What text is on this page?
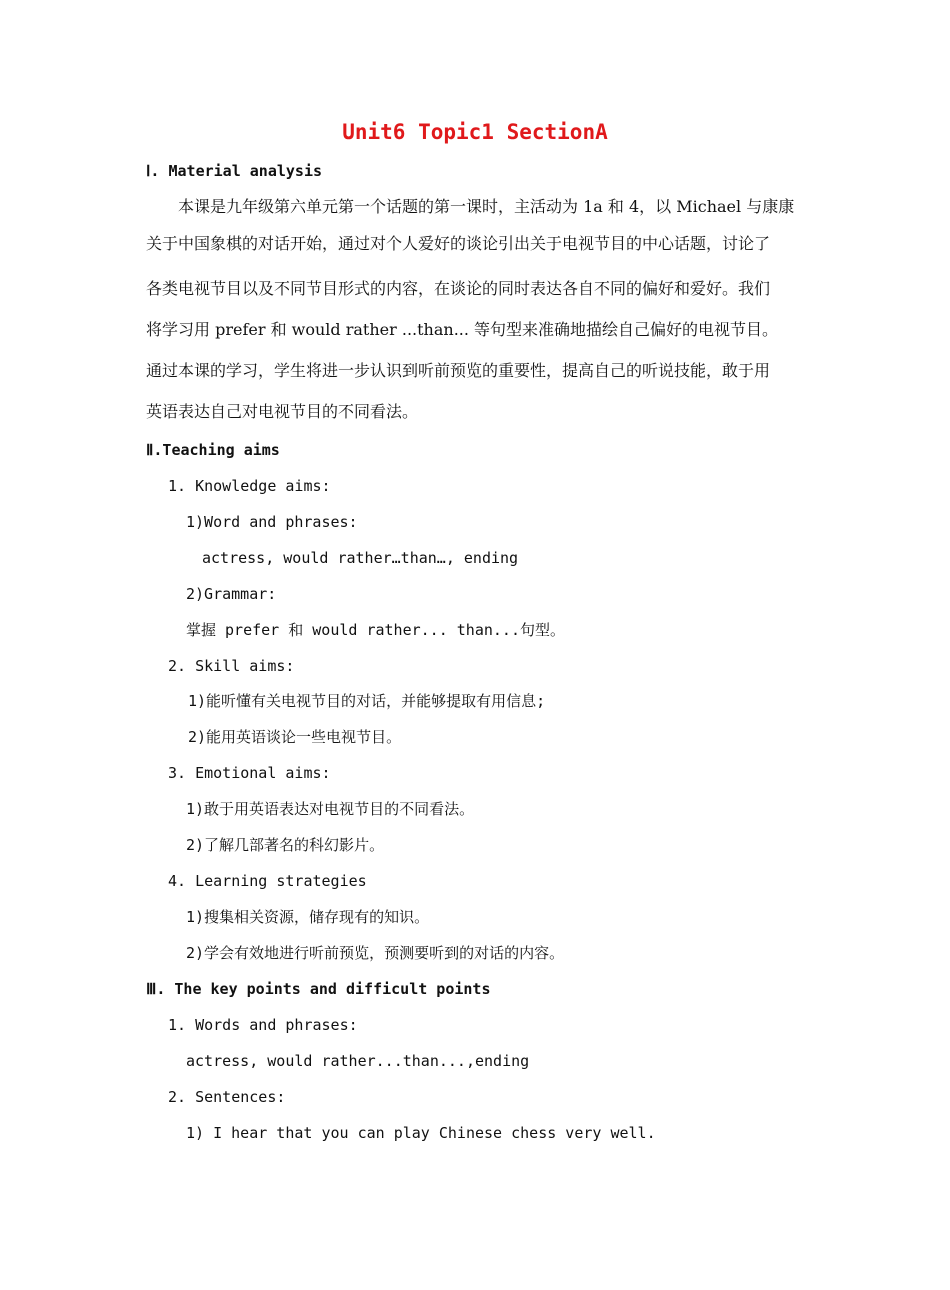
Unit6 Topic1 SectionA
Ⅰ. Material analysis
本课是九年级第六单元第一个话题的第一课时，主活动为 1a 和 4，以 Michael 与康康
关于中国象棋的对话开始，通过对个人爱好的谈论引出关于电视节目的中心话题，讨论了
各类电视节目以及不同节目形式的内容，在谈论的同时表达各自不同的偏好和爱好。我们
将学习用 prefer 和 would rather ...than... 等句型来准确地描绘自己偏好的电视节目。
通过本课的学习，学生将进一步认识到听前预览的重要性，提高自己的听说技能，敢于用
英语表达自己对电视节目的不同看法。
Ⅱ.Teaching aims
1. Knowledge aims:
1)Word and phrases:
actress, would rather…than…, ending
2)Grammar:
掌握 prefer 和 would rather... than...句型。
2. Skill aims:
1)能听懂有关电视节目的对话，并能够提取有用信息;
2)能用英语谈论一些电视节目。
3. Emotional aims:
1)敢于用英语表达对电视节目的不同看法。
2)了解几部著名的科幻影片。
4. Learning strategies
1)搜集相关资源，储存现有的知识。
2)学会有效地进行听前预览，预测要听到的对话的内容。
Ⅲ. The key points and difficult points
1. Words and phrases:
actress, would rather...than...,ending
2. Sentences:
1) I hear that you can play Chinese chess very well.
